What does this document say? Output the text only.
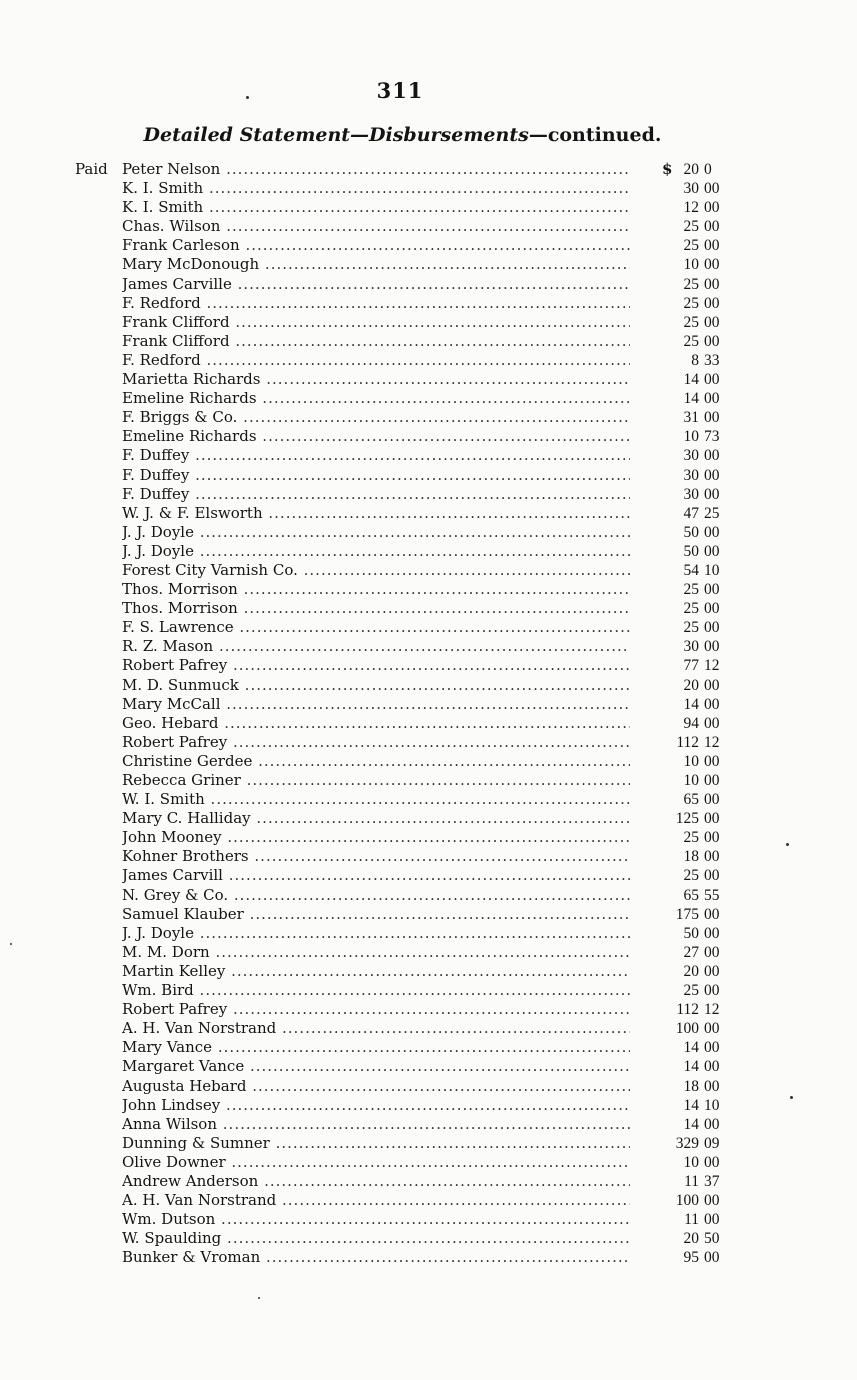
311
Detailed Statement—Disbursements—continued.
Paid	$
Peter Nelson .....	20 0
K. I. Smith .....	30 00
K. I. Smith .....	12 00
Chas. Wilson .....	25 00
Frank Carleson .....	25 00
Mary McDonough .....	10 00
James Carville .....	25 00
F. Redford .....	25 00
Frank Clifford .....	25 00
Frank Clifford .....	25 00
F. Redford .....	8 33
Marietta Richards .....	14 00
Emeline Richards .....	14 00
F. Briggs & Co. .....	31 00
Emeline Richards .....	10 73
F. Duffey .....	30 00
F. Duffey .....	30 00
F. Duffey .....	30 00
W. J. & F. Elsworth .....	47 25
J. J. Doyle .....	50 00
J. J. Doyle .....	50 00
Forest City Varnish Co. .....	54 10
Thos. Morrison .....	25 00
Thos. Morrison .....	25 00
F. S. Lawrence .....	25 00
R. Z. Mason .....	30 00
Robert Pafrey .....	77 12
M. D. Sunmuck .....	20 00
Mary McCall .....	14 00
Geo. Hebard .....	94 00
Robert Pafrey .....	112 12
Christine Gerdee .....	10 00
Rebecca Griner .....	10 00
W. I. Smith .....	65 00
Mary C. Halliday .....	125 00
John Mooney .....	25 00
Kohner Brothers .....	18 00
James Carvill .....	25 00
N. Grey & Co. .....	65 55
Samuel Klauber .....	175 00
J. J. Doyle .....	50 00
M. M. Dorn .....	27 00
Martin Kelley .....	20 00
Wm. Bird .....	25 00
Robert Pafrey .....	112 12
A. H. Van Norstrand .....	100 00
Mary Vance .....	14 00
Margaret Vance .....	14 00
Augusta Hebard .....	18 00
John Lindsey .....	14 10
Anna Wilson .....	14 00
Dunning & Sumner .....	329 09
Olive Downer .....	10 00
Andrew Anderson .....	11 37
A. H. Van Norstrand .....	100 00
Wm. Dutson .....	11 00
W. Spaulding .....	20 50
Bunker & Vroman .....	95 00
